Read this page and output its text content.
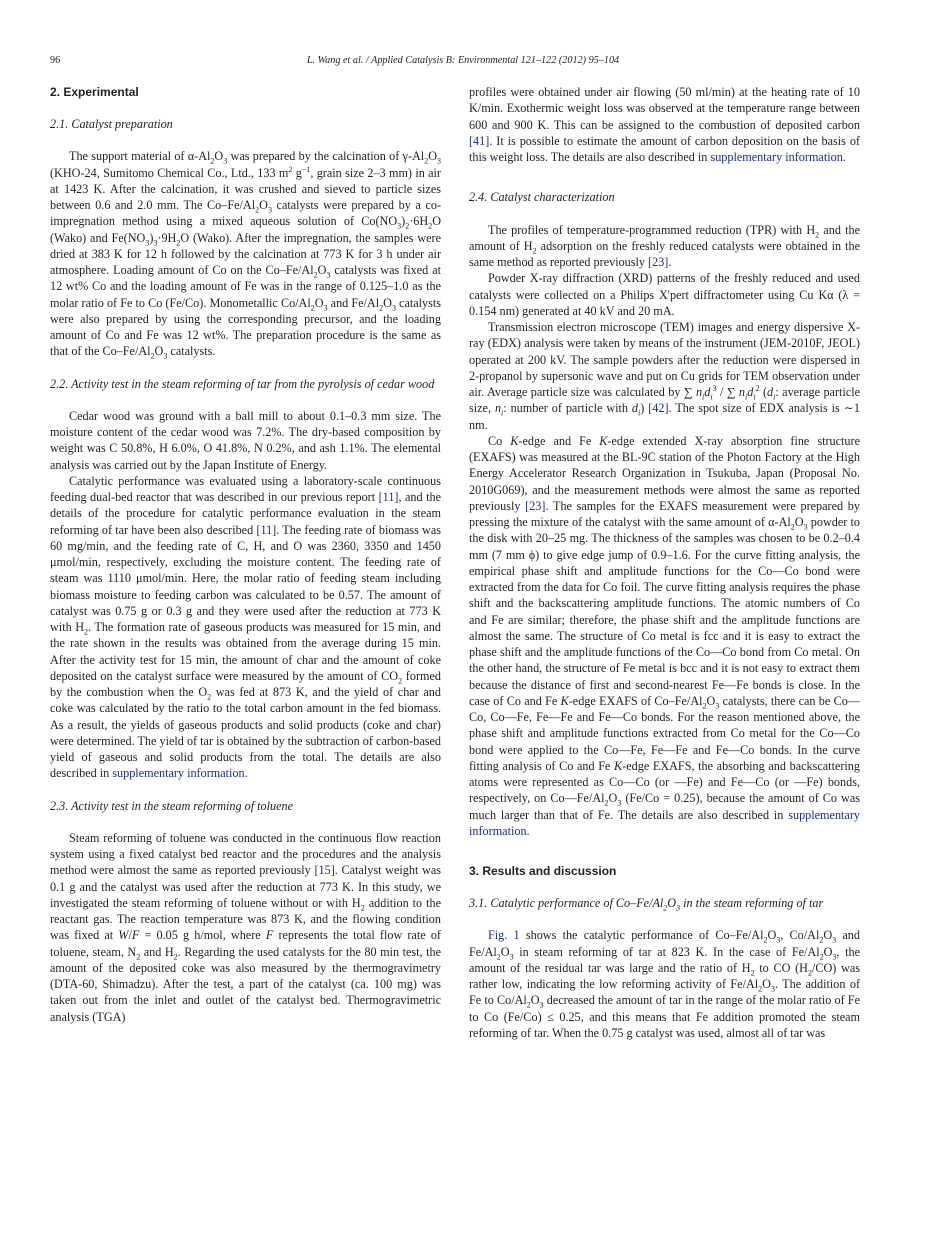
96	L. Wang et al. / Applied Catalysis B: Environmental 121–122 (2012) 95–104
2. Experimental
2.1. Catalyst preparation

The support material of $\alpha-Al_2O_3$ was prepared by the calcination of $\gamma-Al_2O_3$ (KHO-24, Sumitomo Chemical Co., Ltd., 133 $m^2$ $g^{-1}$, grain size 2–3 mm) in air at 1423 K. After the calcination, it was crushed and sieved to particle sizes between 0.6 and 2.0 mm. The $Co-Fe/Al_2O_3$ catalysts were prepared by a co-impregnation method using a mixed aqueous solution of $Co(NO_3)_2\cdot 6H_2O$ (Wako) and $Fe(NO_3)_3\cdot 9H_2O$ (Wako). After the impregnation, the samples were dried at 383 K for 12 h followed by the calcination at 773 K for 3 h under air atmosphere. Loading amount of Co on the $Co-Fe/Al_2O_3$ catalysts was fixed at 12 wt% Co and the loading amount of Fe was in the range of 0.125–1.0 as the molar ratio of Fe to Co (Fe/Co). Monometallic $Co/Al_2O_3$ and $Fe/Al_2O_3$ catalysts were also prepared by using the corresponding precursor, and the loading amount of Co and Fe was 12 wt%. The preparation procedure is the same as that of the $Co-Fe/Al_2O_3$ catalysts.

2.2. Activity test in the steam reforming of tar from the pyrolysis of cedar wood

Cedar wood was ground with a ball mill to about 0.1–0.3 mm size. The moisture content of the cedar wood was 7.2%. The dry-based composition by weight was C 50.8%, H 6.0%, O 41.8%, N 0.2%, and ash 1.1%. The elemental analysis was carried out by the Japan Institute of Energy.

Catalytic performance was evaluated using a laboratory-scale continuous feeding dual-bed reactor that was described in our previous report [11], and the details of the procedure for catalytic performance evaluation in the steam reforming of tar have been also described [11]. The feeding rate of biomass was 60 mg/min, and the feeding rate of C, H, and O was 2360, 3350 and 1450 μmol/min, respectively, excluding the moisture content. The feeding rate of steam was 1110 μmol/min. Here, the molar ratio of feeding steam including biomass moisture to feeding carbon was calculated to be 0.57. The amount of catalyst was 0.75 g or 0.3 g and they were used after the reduction at 773 K with $H_2$. The formation rate of gaseous products was measured for 15 min, and the rate shown in the results was obtained from the average during 15 min. After the activity test for 15 min, the amount of char and the amount of coke deposited on the catalyst surface were measured by the amount of $CO_2$ formed by the combustion when the $O_2$ was fed at 873 K, and the yield of char and coke was calculated by the ratio to the total carbon amount in the fed biomass. As a result, the yields of gaseous products and solid products (coke and char) were determined. The yield of tar is obtained by the subtraction of carbon-based yield of gaseous and solid products from the total. The details are also described in supplementary information.

2.3. Activity test in the steam reforming of toluene

Steam reforming of toluene was conducted in the continuous flow reaction system using a fixed catalyst bed reactor and the procedures and the analysis method were almost the same as reported previously [15]. Catalyst weight was 0.1 g and the catalyst was used after the reduction at 773 K. In this study, we investigated the steam reforming of toluene without or with $H_2$ addition to the reactant gas. The reaction temperature was 873 K, and the flowing condition was fixed at W/F = 0.05 g h/mol, where F represents the total flow rate of toluene, steam, $N_2$ and $H_2$. Regarding the used catalysts for the 80 min test, the amount of the deposited coke was also measured by the thermogravimetry (DTA-60, Shimadzu). After the test, a part of the catalyst (ca. 100 mg) was taken out from the inlet and outlet of the catalyst bed. Thermogravimetric analysis (TGA)

profiles were obtained under air flowing (50 ml/min) at the heating rate of 10 K/min. Exothermic weight loss was observed at the temperature range between 600 and 900 K. This can be assigned to the combustion of deposited carbon [41]. It is possible to estimate the amount of carbon deposition on the basis of this weight loss. The details are also described in supplementary information.

2.4. Catalyst characterization

The profiles of temperature-programmed reduction (TPR) with $H_2$ and the amount of $H_2$ adsorption on the freshly reduced catalysts were obtained in the same method as reported previously [23].

Powder X-ray diffraction (XRD) patterns of the freshly reduced and used catalysts were collected on a Philips X'pert diffractometer using Cu Kα (λ = 0.154 nm) generated at 40 kV and 20 mA.

Transmission electron microscope (TEM) images and energy dispersive X-ray (EDX) analysis were taken by means of the instrument (JEM-2010F, JEOL) operated at 200 kV. The sample powders after the reduction were dispersed in 2-propanol by supersonic wave and put on Cu grids for TEM observation under air. Average particle size was calculated by ∑ $n_id_i^3$ / ∑ $n_id_i^2$ ($d_i$: average particle size, $n_i$: number of particle with $d_i$) [42]. The spot size of EDX analysis is ∼1 nm.

Co K-edge and Fe K-edge extended X-ray absorption fine structure (EXAFS) was measured at the BL-9C station of the Photon Factory at the High Energy Accelerator Research Organization in Tsukuba, Japan (Proposal No. 2010G069), and the measurement methods were almost the same as reported previously [23]. The samples for the EXAFS measurement were prepared by pressing the mixture of the catalyst with the same amount of $\alpha-Al_2O_3$ powder to the disk with 20–25 mg. The thickness of the samples was chosen to be 0.2–0.4 mm (7 mm ϕ) to give edge jump of 0.9–1.6. For the curve fitting analysis, the empirical phase shift and amplitude functions for the Co—Co bond were extracted from the data for Co foil. The curve fitting analysis requires the phase shift and the backscattering amplitude functions. The atomic numbers of Co and Fe are similar; therefore, the phase shift and the amplitude functions are almost the same. The structure of Co metal is fcc and it is easy to extract the phase shift and the amplitude functions of the Co—Co bond from Co metal. On the other hand, the structure of Fe metal is bcc and it is not easy to extract them because the distance of first and second-nearest Fe—Fe bonds is close. In the case of Co and Fe K-edge EXAFS of $Co-Fe/Al_2O_3$ catalysts, there can be Co—Co, Co—Fe, Fe—Fe and Fe—Co bonds. For the reason mentioned above, the phase shift and amplitude functions extracted from Co metal for the Co—Co bond were applied to the Co—Fe, Fe—Fe and Fe—Co bonds. In the curve fitting analysis of Co and Fe K-edge EXAFS, the absorbing and backscattering atoms were represented as Co—Co (or —Fe) and Fe—Co (or —Fe) bonds, respectively, on $Co—Fe/Al_2O_3$ (Fe/Co = 0.25), because the amount of Co was much larger than that of Fe. The details are also described in supplementary information.

3. Results and discussion
3.1. Catalytic performance of $Co-Fe/Al_2O_3$ in the steam reforming of tar

Fig. 1 shows the catalytic performance of $Co-Fe/Al_2O_3$, $Co/Al_2O_3$ and $Fe/Al_2O_3$ in steam reforming of tar at 823 K. In the case of $Fe/Al_2O_3$, the amount of the residual tar was large and the ratio of $H_2$ to CO $(H_2/CO)$ was rather low, indicating the low reforming activity of $Fe/Al_2O_3$. The addition of Fe to $Co/Al_2O_3$ decreased the amount of tar in the range of the molar ratio of Fe to Co (Fe/Co) ≤ 0.25, and this means that Fe addition promoted the steam reforming of tar. When the 0.75 g catalyst was used, almost all of tar was
